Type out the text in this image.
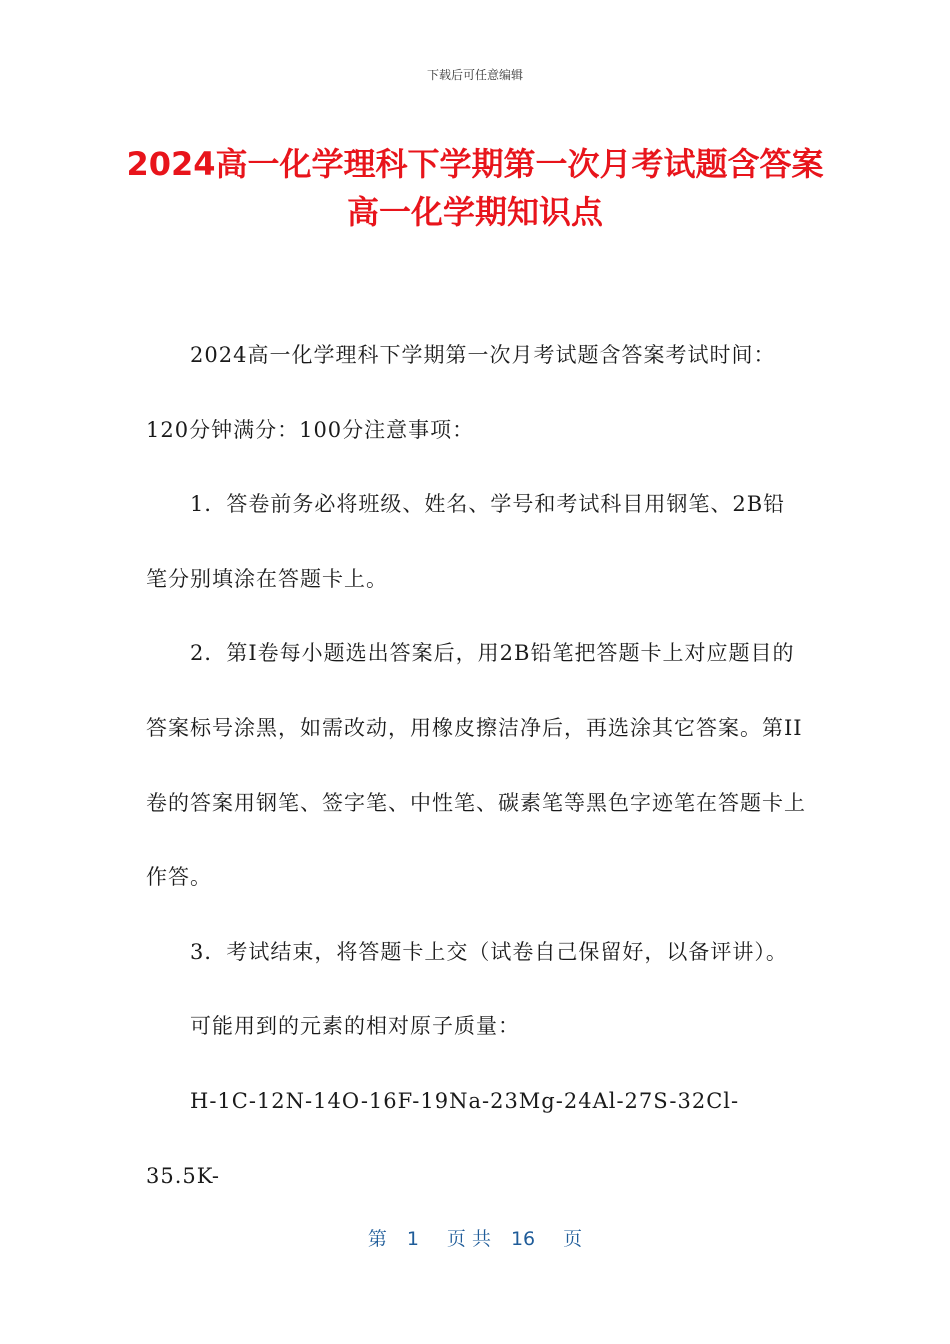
下载后可任意编辑
2024高一化学理科下学期第一次月考试题含答案 高一化学期知识点

2024高一化学理科下学期第一次月考试题含答案考试时间：120分钟满分：100分注意事项：

1．答卷前务必将班级、姓名、学号和考试科目用钢笔、2B铅笔分别填涂在答题卡上。

2．第I卷每小题选出答案后，用2B铅笔把答题卡上对应题目的答案标号涂黑，如需改动，用橡皮擦洁净后，再选涂其它答案。第II卷的答案用钢笔、签字笔、中性笔、碳素笔等黑色字迹笔在答题卡上作答。

3．考试结束，将答题卡上交（试卷自己保留好，以备评讲）。

可能用到的元素的相对原子质量：

H-1C-12N-14O-16F-19Na-23Mg-24Al-27S-32Cl-35.5K-

第 1 页 共 16 页
